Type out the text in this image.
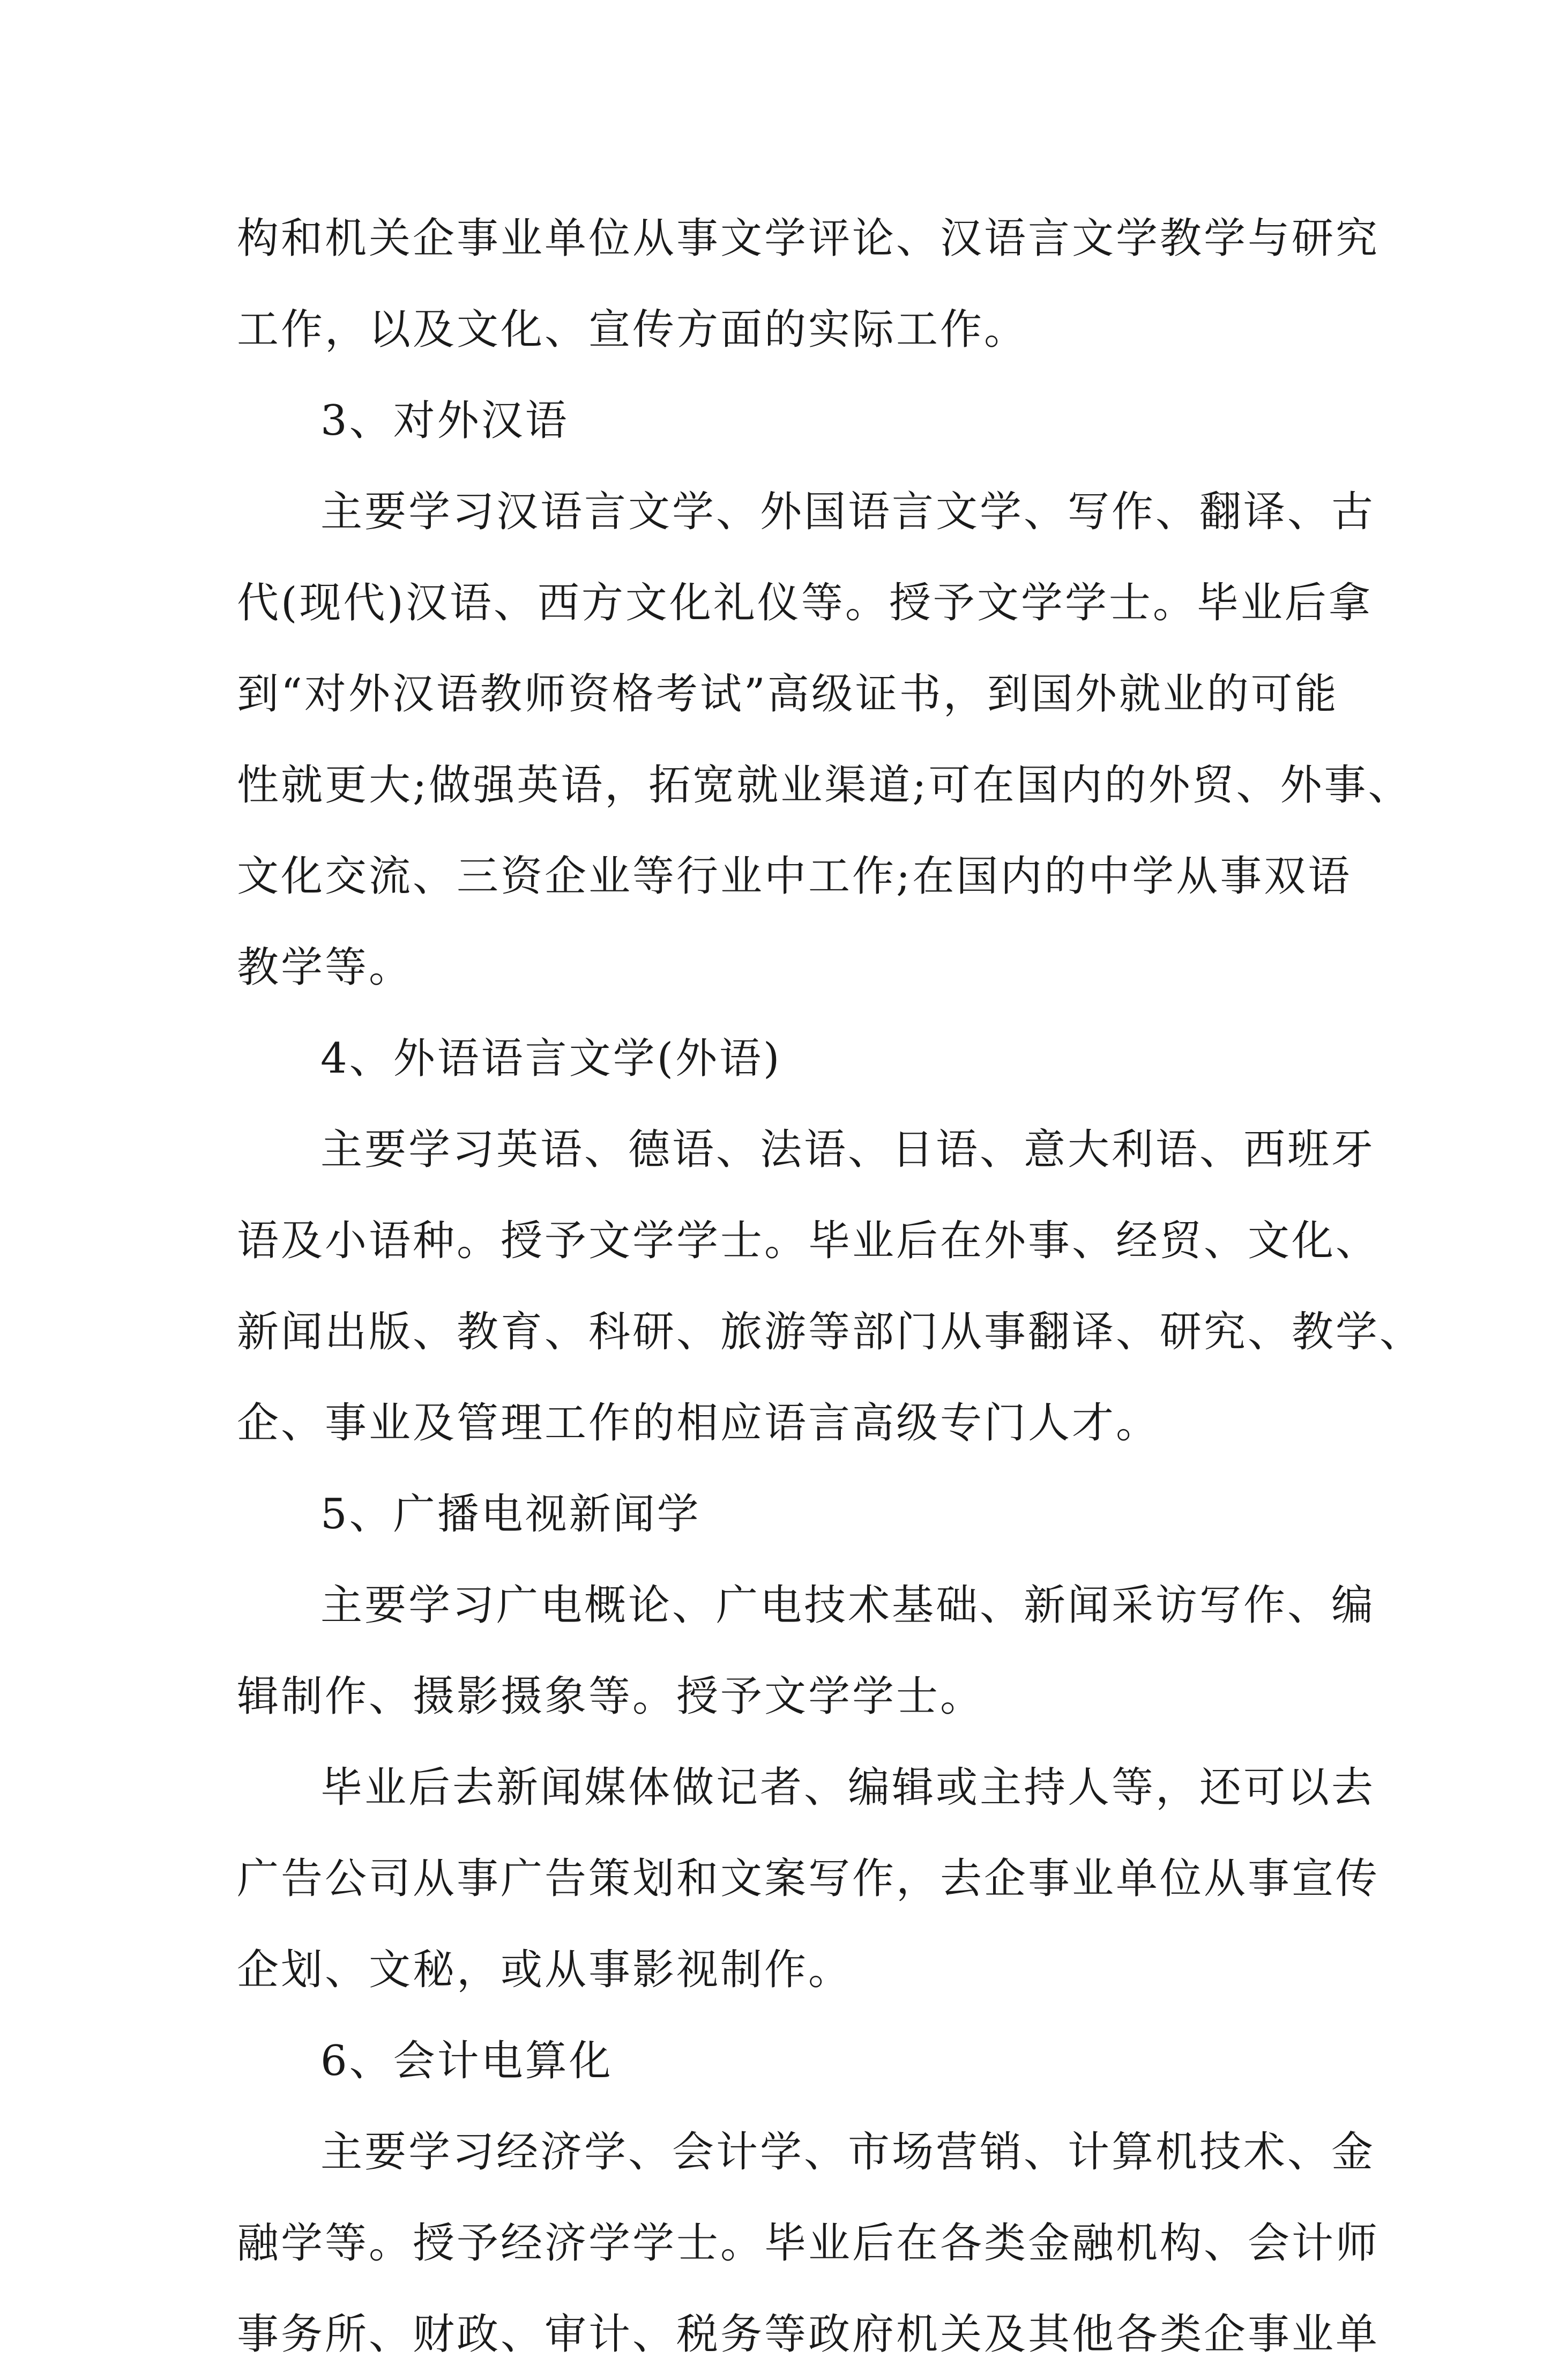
构和机关企事业单位从事文学评论、汉语言文学教学与研究
工作，以及文化、宣传方面的实际工作。
3、对外汉语
主要学习汉语言文学、外国语言文学、写作、翻译、古
代(现代)汉语、西方文化礼仪等。授予文学学士。毕业后拿
到“对外汉语教师资格考试”高级证书，到国外就业的可能
性就更大;做强英语，拓宽就业渠道;可在国内的外贸、外事、
文化交流、三资企业等行业中工作;在国内的中学从事双语
教学等。
4、外语语言文学(外语)
主要学习英语、德语、法语、日语、意大利语、西班牙
语及小语种。授予文学学士。毕业后在外事、经贸、文化、
新闻出版、教育、科研、旅游等部门从事翻译、研究、教学、
企、事业及管理工作的相应语言高级专门人才。
5、广播电视新闻学
主要学习广电概论、广电技术基础、新闻采访写作、编
辑制作、摄影摄象等。授予文学学士。
毕业后去新闻媒体做记者、编辑或主持人等，还可以去
广告公司从事广告策划和文案写作，去企事业单位从事宣传
企划、文秘，或从事影视制作。
6、会计电算化
主要学习经济学、会计学、市场营销、计算机技术、金
融学等。授予经济学学士。毕业后在各类金融机构、会计师
事务所、财政、审计、税务等政府机关及其他各类企事业单
